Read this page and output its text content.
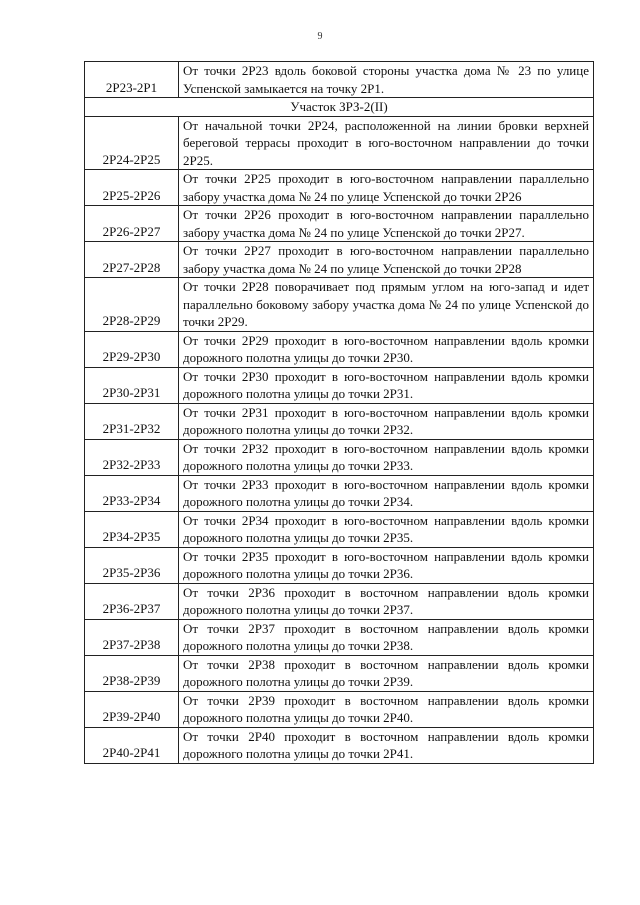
9
2Р23-2Р1	От точки 2Р23 вдоль боковой стороны участка дома № 23 по улице Успенской замыкается на точку 2Р1.
Участок ЗРЗ-2(II)	
2Р24-2Р25	От начальной точки 2Р24, расположенной на линии бровки верхней береговой террасы проходит в юго-восточном направлении до точки 2Р25.
2Р25-2Р26	От точки 2Р25 проходит в юго-восточном направлении параллельно забору участка дома № 24 по улице Успенской до точки 2Р26
2Р26-2Р27	От точки 2Р26 проходит в юго-восточном направлении параллельно забору участка дома № 24 по улице Успенской до точки 2Р27.
2Р27-2Р28	От точки 2Р27 проходит в юго-восточном направлении параллельно забору участка дома № 24 по улице Успенской до точки 2Р28
2Р28-2Р29	От точки 2Р28 поворачивает под прямым углом на юго-запад и идет параллельно боковому забору участка дома № 24 по улице Успенской до точки 2Р29.
2Р29-2Р30	От точки 2Р29 проходит в юго-восточном направлении вдоль кромки дорожного полотна улицы до точки 2Р30.
2Р30-2Р31	От точки 2Р30 проходит в юго-восточном направлении вдоль кромки дорожного полотна улицы до точки 2Р31.
2Р31-2Р32	От точки 2Р31 проходит в юго-восточном направлении вдоль кромки дорожного полотна улицы до точки 2Р32.
2Р32-2Р33	От точки 2Р32 проходит в юго-восточном направлении вдоль кромки дорожного полотна улицы до точки 2Р33.
2Р33-2Р34	От точки 2Р33 проходит в юго-восточном направлении вдоль кромки дорожного полотна улицы до точки 2Р34.
2Р34-2Р35	От точки 2Р34 проходит в юго-восточном направлении вдоль кромки дорожного полотна улицы до точки 2Р35.
2Р35-2Р36	От точки 2Р35 проходит в юго-восточном направлении вдоль кромки дорожного полотна улицы до точки 2Р36.
2Р36-2Р37	От точки 2Р36 проходит в восточном направлении вдоль кромки дорожного полотна улицы до точки 2Р37.
2Р37-2Р38	От точки 2Р37 проходит в восточном направлении вдоль кромки дорожного полотна улицы до точки 2Р38.
2Р38-2Р39	От точки 2Р38 проходит в восточном направлении вдоль кромки дорожного полотна улицы до точки 2Р39.
2Р39-2Р40	От точки 2Р39 проходит в восточном направлении вдоль кромки дорожного полотна улицы до точки 2Р40.
2Р40-2Р41	От точки 2Р40 проходит в восточном направлении вдоль кромки дорожного полотна улицы до точки 2Р41.
